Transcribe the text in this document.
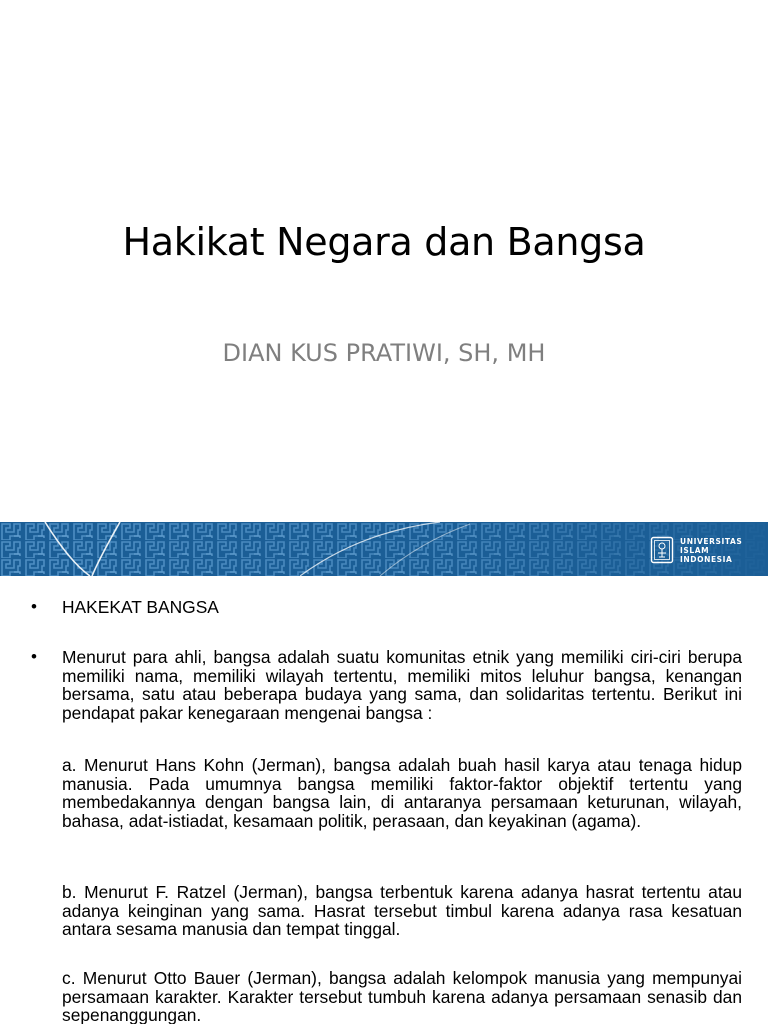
Hakikat Negara dan Bangsa
DIAN KUS PRATIWI, SH, MH
UNIVERSITAS
ISLAM
INDONESIA
• HAKEKAT BANGSA
• Menurut para ahli, bangsa adalah suatu komunitas etnik yang memiliki ciri-ciri berupa memiliki nama, memiliki wilayah tertentu, memiliki mitos leluhur bangsa, kenangan bersama, satu atau beberapa budaya yang sama, dan solidaritas tertentu. Berikut ini pendapat pakar kenegaraan mengenai bangsa :
a. Menurut Hans Kohn (Jerman), bangsa adalah buah hasil karya atau tenaga hidup manusia. Pada umumnya bangsa memiliki faktor-faktor objektif tertentu yang membedakannya dengan bangsa lain, di antaranya persamaan keturunan, wilayah, bahasa, adat-istiadat, kesamaan politik, perasaan, dan keyakinan (agama).
b. Menurut F. Ratzel (Jerman), bangsa terbentuk karena adanya hasrat tertentu atau adanya keinginan yang sama. Hasrat tersebut timbul karena adanya rasa kesatuan antara sesama manusia dan tempat tinggal.
c. Menurut Otto Bauer (Jerman), bangsa adalah kelompok manusia yang mempunyai persamaan karakter. Karakter tersebut tumbuh karena adanya persamaan senasib dan sepenanggungan.
